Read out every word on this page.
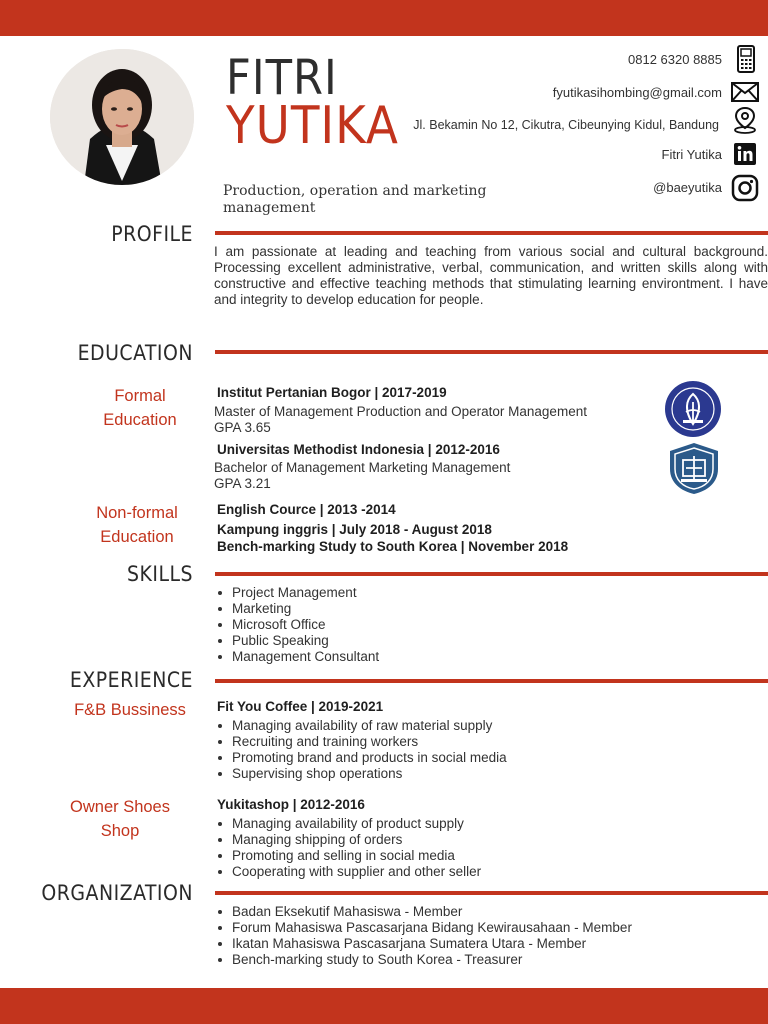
FITRI
YUTIKA
Production, operation and marketing management
0812 6320 8885
fyutikasihombing@gmail.com
Jl. Bekamin No 12, Cikutra, Cibeunying Kidul, Bandung
Fitri Yutika
@baeyutika
PROFILE
I am passionate at leading and teaching from various social and cultural background. Processing excellent administrative, verbal, communication, and written skills along with constructive and effective teaching methods that stimulating learning environtment. I have and integrity to develop education for people.
EDUCATION
Formal Education
Institut Pertanian Bogor | 2017-2019
Master of Management Production and Operator Management
GPA 3.65
Universitas Methodist Indonesia | 2012-2016
Bachelor of Management Marketing Management
GPA 3.21
Non-formal Education
English Cource | 2013 -2014
Kampung inggris | July 2018 - August 2018
Bench-marking Study to South Korea | November 2018
SKILLS
Project Management
Marketing
Microsoft Office
Public Speaking
Management Consultant
EXPERIENCE
F&B Bussiness	Fit You Coffee | 2019-2021
Managing availability of raw material supply
Recruiting and training workers
Promoting brand and products in social media
Supervising shop operations
Owner Shoes Shop
Yukitashop | 2012-2016
Managing availability of product supply
Managing shipping of orders
Promoting and selling in social media
Cooperating with supplier and other seller
ORGANIZATION
Badan Eksekutif Mahasiswa - Member
Forum Mahasiswa Pascasarjana Bidang Kewirausahaan - Member
Ikatan Mahasiswa Pascasarjana Sumatera Utara - Member
Bench-marking study to South Korea - Treasurer
